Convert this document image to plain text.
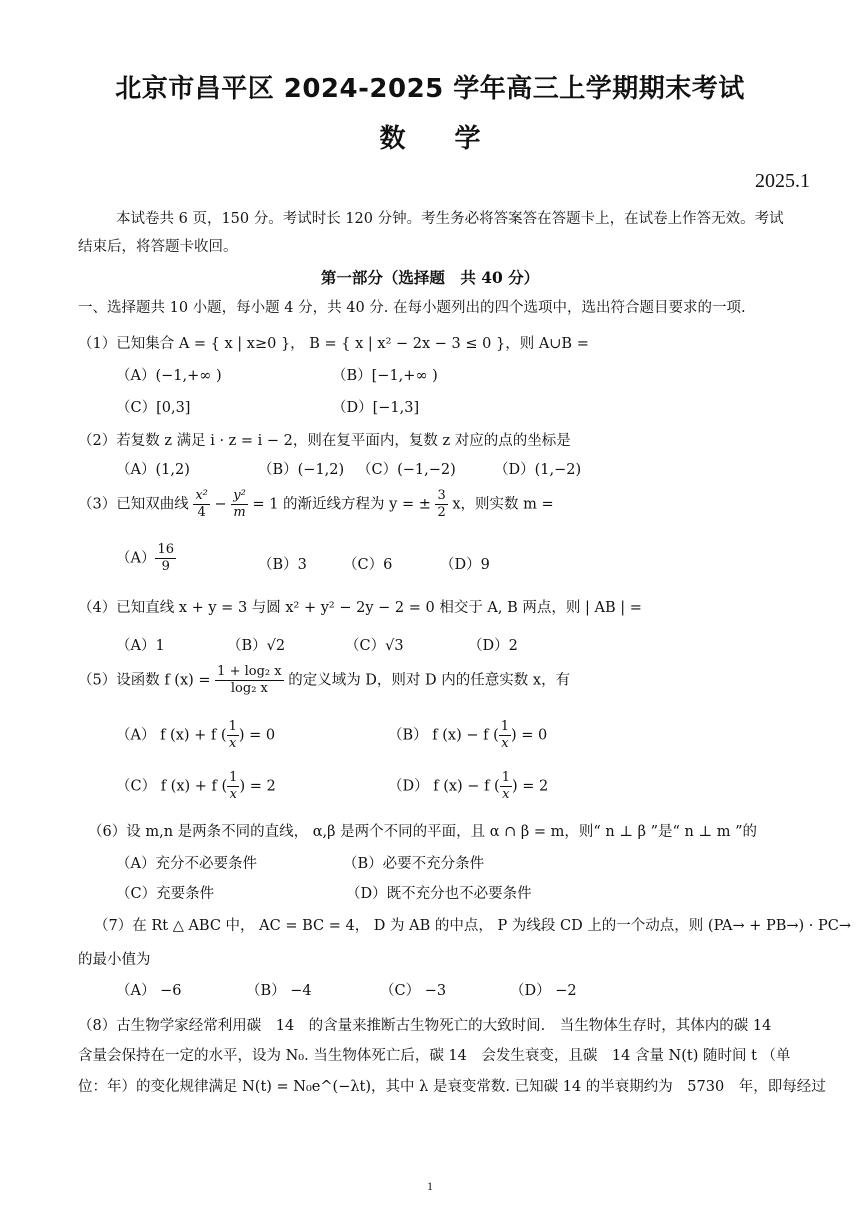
北京市昌平区 2024-2025 学年高三上学期期末考试
数 学
2025.1
本试卷共 6 页，150 分。考试时长 120 分钟。考生务必将答案答在答题卡上，在试卷上作答无效。考试结束后，将答题卡收回。
第一部分（选择题　共 40 分）
一、选择题共 10 小题，每小题 4 分，共 40 分. 在每小题列出的四个选项中，选出符合题目要求的一项.
（1）已知集合 A = { x | x≥0 }， B = { x | x² − 2x − 3 ≤ 0 }，则 A∪B =
（A）(−1,+∞ )	（B）[−1,+∞ )
（C）[0,3]	（D）[−1,3]
（2）若复数 z 满足 i · z = i − 2，则在复平面内，复数 z 对应的点的坐标是
（A）(1,2)	（B）(−1,2) （C）(−1,−2)	（D）(1,−2)
（3）已知双曲线 $\frac{\text{x²}}{4} - \frac{\text{y²}}{m} = 1$ 的渐近线方程为 y = ± $\frac{3}{2}$ x，则实数 m =
$(A) \frac{16}{9}$	（B）3 （C）6	（D）9
（4）已知直线 x + y = 3 与圆 x² + y² − 2y − 2 = 0 相交于 A, B 两点，则 | AB | =
（A）1	（B）√2	（C）√3	（D）2
（5）设函数 f $(x) = \frac{\text{1 + log₂ x}}{\text{log₂ x}}$ 的定义域为 D，则对 D 内的任意实数 x，有
（A） f (x) + f ( $\frac{1}{x}$ ) = 0	（B） f (x) − f ( $\frac{1}{x}$ ) = 0
（C） f (x) + f ( $\frac{1}{x}$ ) = 2	（D） f (x) − f ( $\frac{1}{x}$ ) = 2
（6）设 m,n 是两条不同的直线， α,β 是两个不同的平面，且 α ∩ β = m，则“ n ⊥ β ”是“ n ⊥ m ”的
（A）充分不必要条件	（B）必要不充分条件
（C）充要条件	（D）既不充分也不必要条件
（7）在 Rt △ ABC 中， AC = BC = 4， D 为 AB 的中点， P 为线段 CD 上的一个动点，则 (PA→ + PB→) · PC→
的最小值为
（A） −6	（B） −4	（C） −3	（D） −2
（8）古生物学家经常利用碳　14　的含量来推断古生物死亡的大致时间.　当生物体生存时，其体内的碳 14
含量会保持在一定的水平，设为 N₀. 当生物体死亡后，碳 14　会发生衰变，且碳　14 含量 N(t) 随时间 t （单
位：年）的变化规律满足 N(t) = N₀e^(−λt)，其中 λ 是衰变常数. 已知碳 14 的半衰期约为　5730　年，即每经过
1
